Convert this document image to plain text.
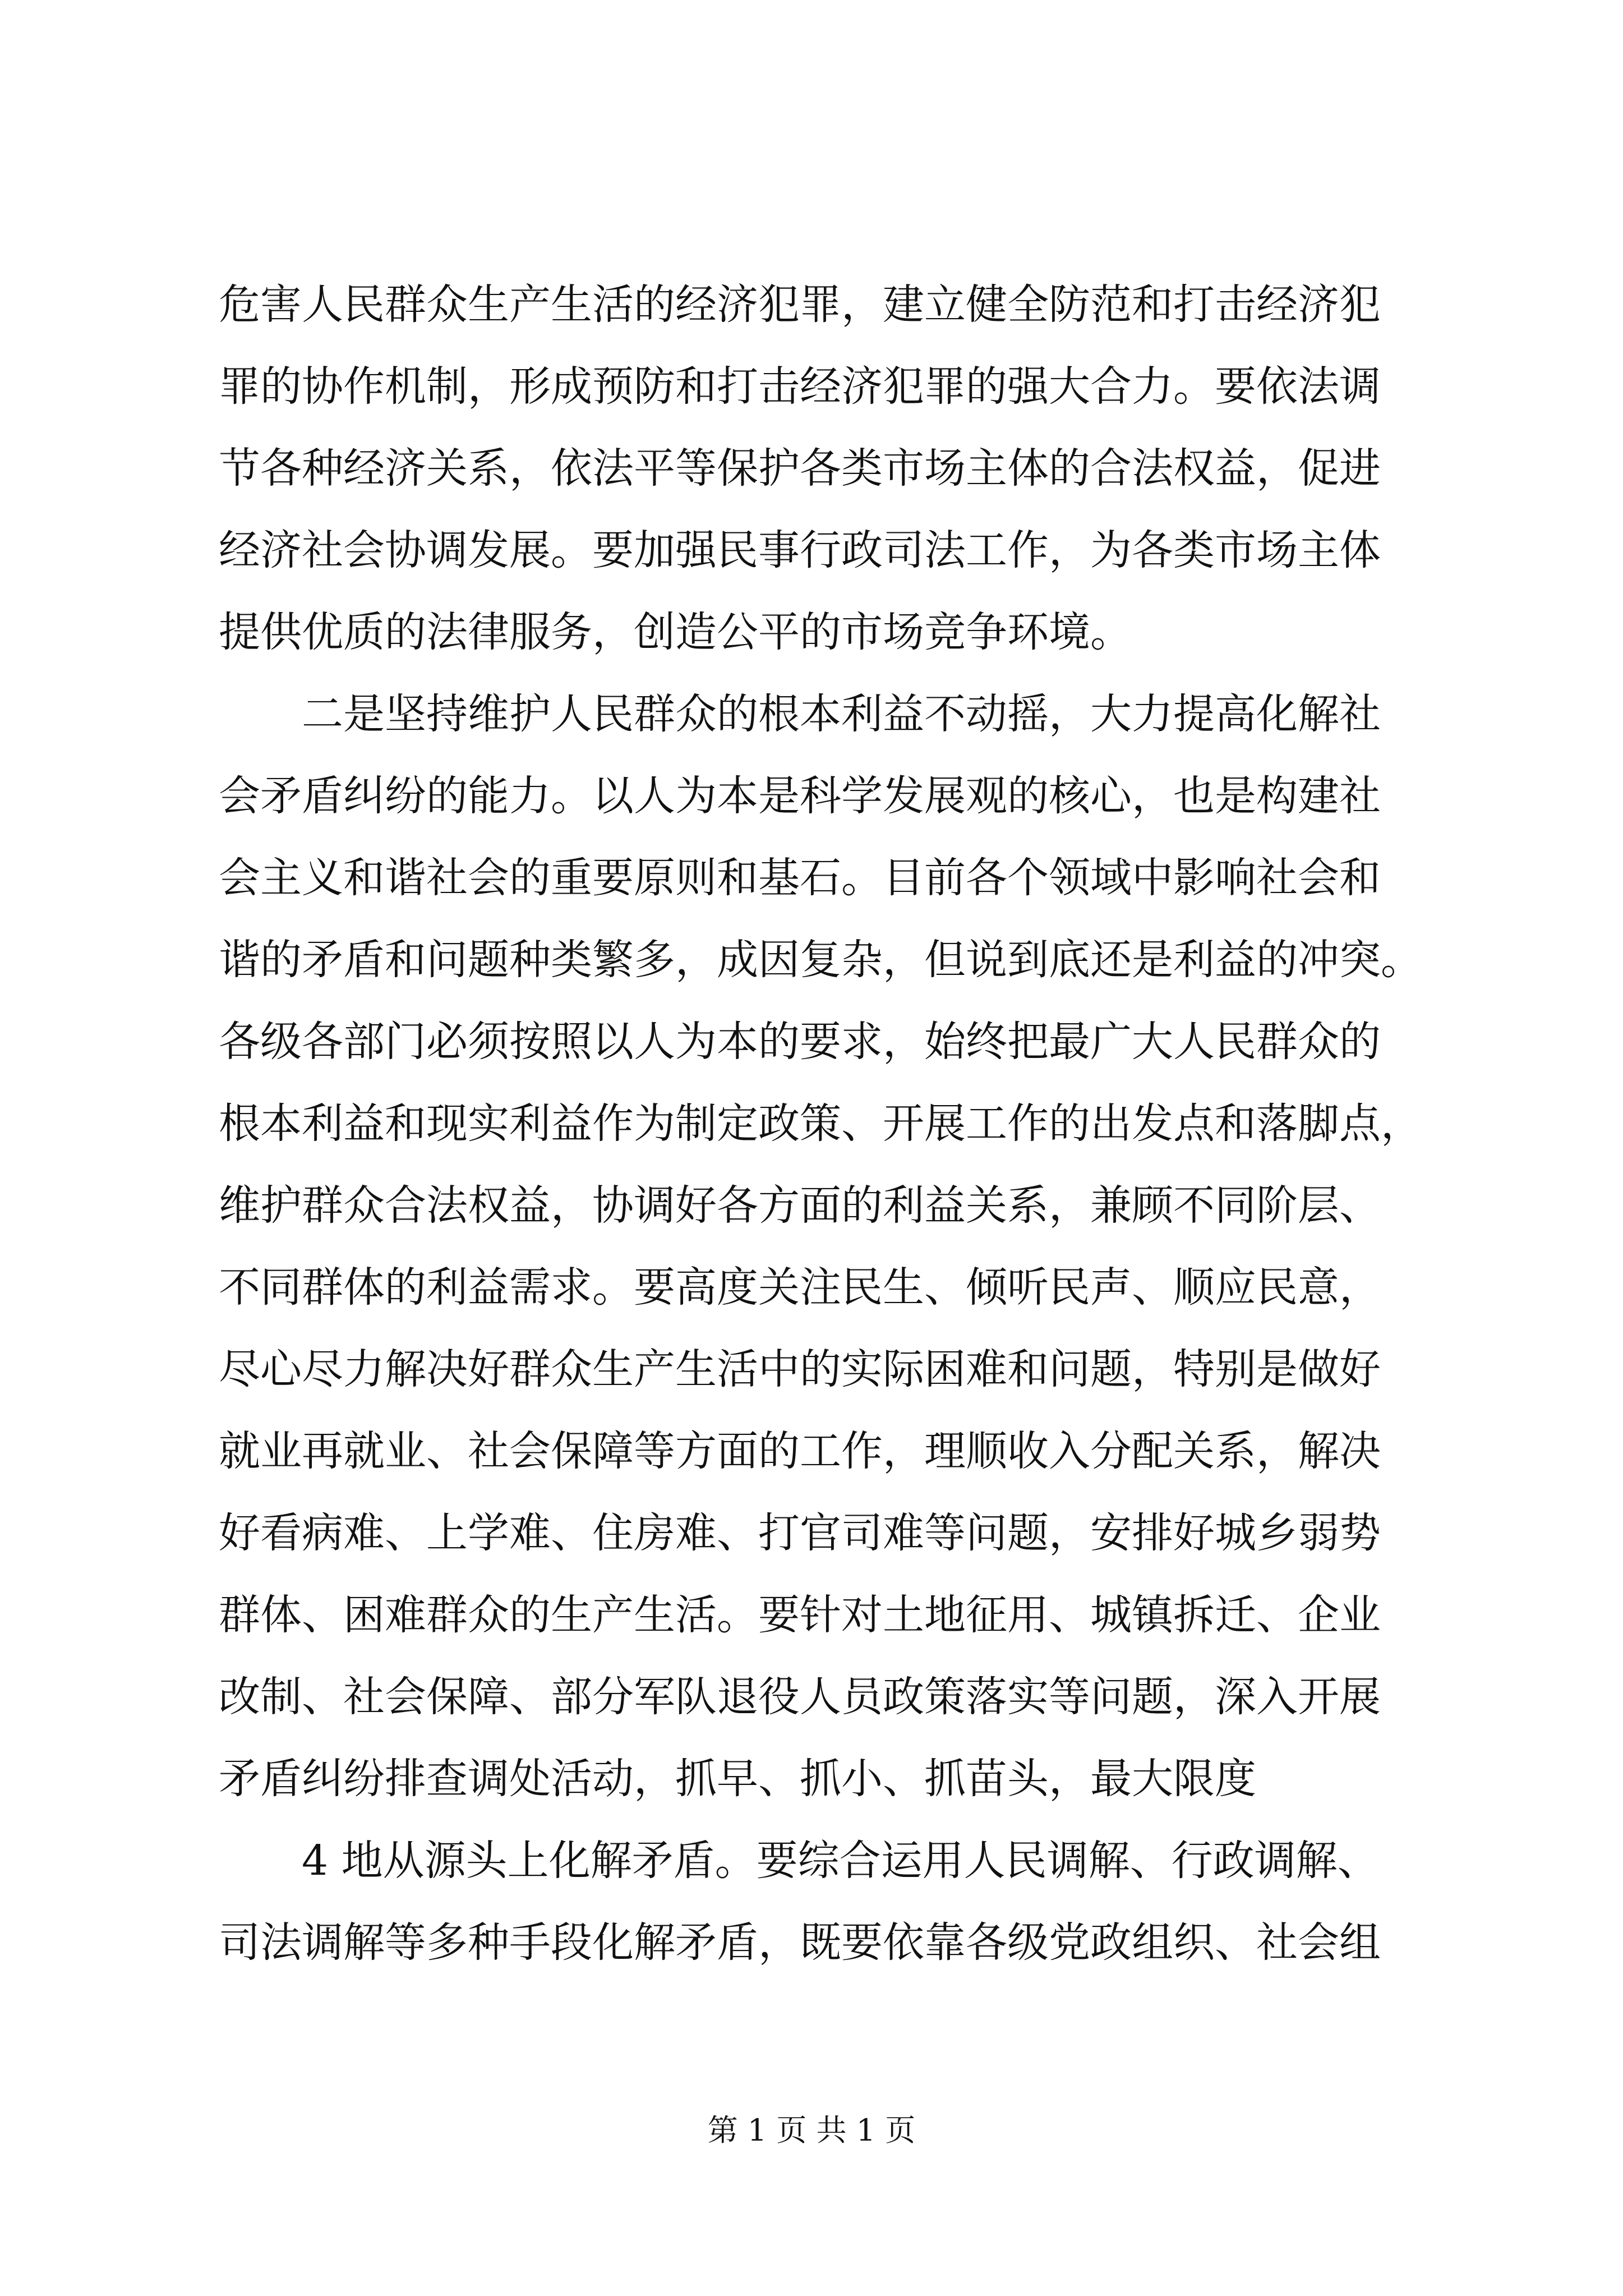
危害人民群众生产生活的经济犯罪，建立健全防范和打击经济犯
罪的协作机制，形成预防和打击经济犯罪的强大合力。要依法调
节各种经济关系，依法平等保护各类市场主体的合法权益，促进
经济社会协调发展。要加强民事行政司法工作，为各类市场主体
提供优质的法律服务，创造公平的市场竞争环境。
二是坚持维护人民群众的根本利益不动摇，大力提高化解社
会矛盾纠纷的能力。以人为本是科学发展观的核心，也是构建社
会主义和谐社会的重要原则和基石。目前各个领域中影响社会和
谐的矛盾和问题种类繁多，成因复杂，但说到底还是利益的冲突。
各级各部门必须按照以人为本的要求，始终把最广大人民群众的
根本利益和现实利益作为制定政策、开展工作的出发点和落脚点，
维护群众合法权益，协调好各方面的利益关系，兼顾不同阶层、
不同群体的利益需求。要高度关注民生、倾听民声、顺应民意，
尽心尽力解决好群众生产生活中的实际困难和问题，特别是做好
就业再就业、社会保障等方面的工作，理顺收入分配关系，解决
好看病难、上学难、住房难、打官司难等问题，安排好城乡弱势
群体、困难群众的生产生活。要针对土地征用、城镇拆迁、企业
改制、社会保障、部分军队退役人员政策落实等问题，深入开展
矛盾纠纷排查调处活动，抓早、抓小、抓苗头，最大限度
4 地从源头上化解矛盾。要综合运用人民调解、行政调解、
司法调解等多种手段化解矛盾，既要依靠各级党政组织、社会组
第 1 页 共 1 页
